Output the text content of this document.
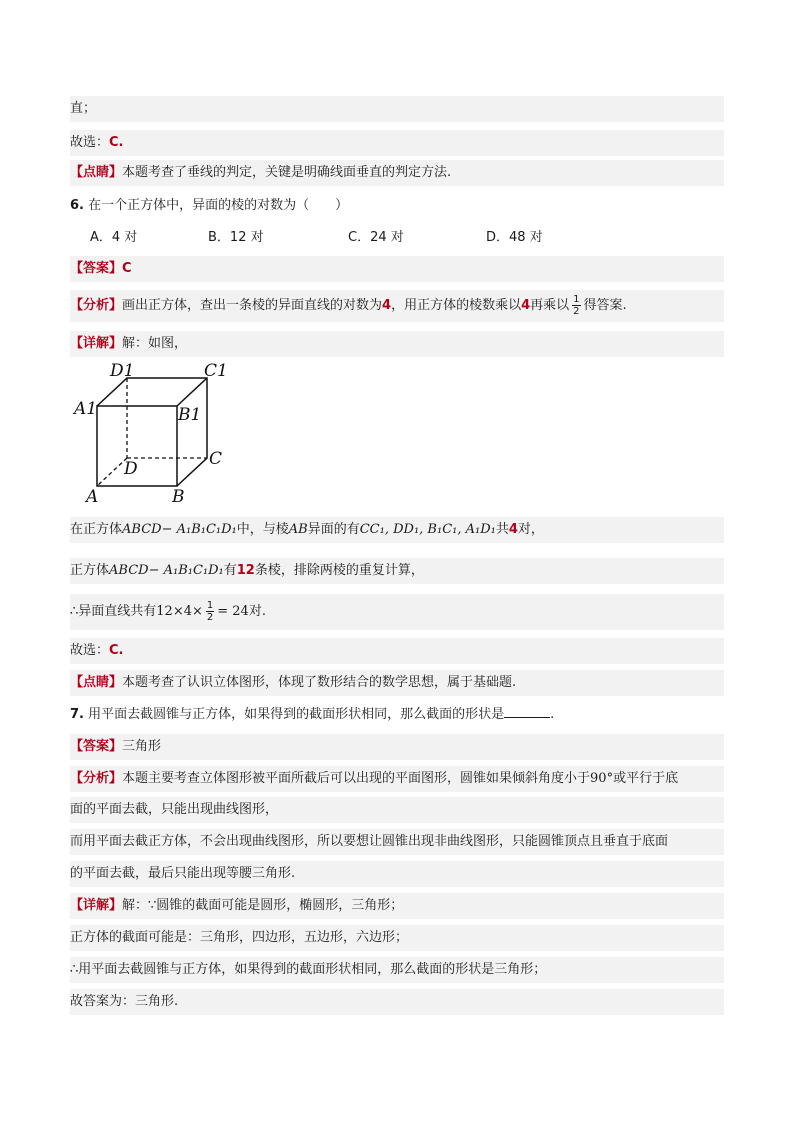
直；
故选：C.
【点睛】本题考查了垂线的判定，关键是明确线面垂直的判定方法.
6. 在一个正方体中，异面的棱的对数为（　　）
A．4 对	B．12 对	C．24 对	D．48 对
【答案】C
【分析】画出正方体，查出一条棱的异面直线的对数为4，用正方体的棱数乘以4再乘以 $\frac{1}{2}$ 得答案.
【详解】解：如图，
D1	C1
A1	B1
D	C
A	B
在正方体ABCD− A₁B₁C₁D₁中，与棱AB异面的有CC₁, DD₁, B₁C₁, A₁D₁共4对，
正方体ABCD− A₁B₁C₁D₁有12条棱，排除两棱的重复计算，
∴异面直线共有$12\times 4\times \frac{1}{2} = 24$对.
故选：C.
【点睛】本题考查了认识立体图形，体现了数形结合的数学思想，属于基础题.
7. 用平面去截圆锥与正方体，如果得到的截面形状相同，那么截面的形状是	.
【答案】三角形
【分析】本题主要考查立体图形被平面所截后可以出现的平面图形，圆锥如果倾斜角度小于90°或平行于底
面的平面去截，只能出现曲线图形，
而用平面去截正方体，不会出现曲线图形，所以要想让圆锥出现非曲线图形，只能圆锥顶点且垂直于底面
的平面去截，最后只能出现等腰三角形.
【详解】解：∵圆锥的截面可能是圆形，椭圆形，三角形；
正方体的截面可能是：三角形，四边形，五边形，六边形；
∴用平面去截圆锥与正方体，如果得到的截面形状相同，那么截面的形状是三角形；
故答案为：三角形.
